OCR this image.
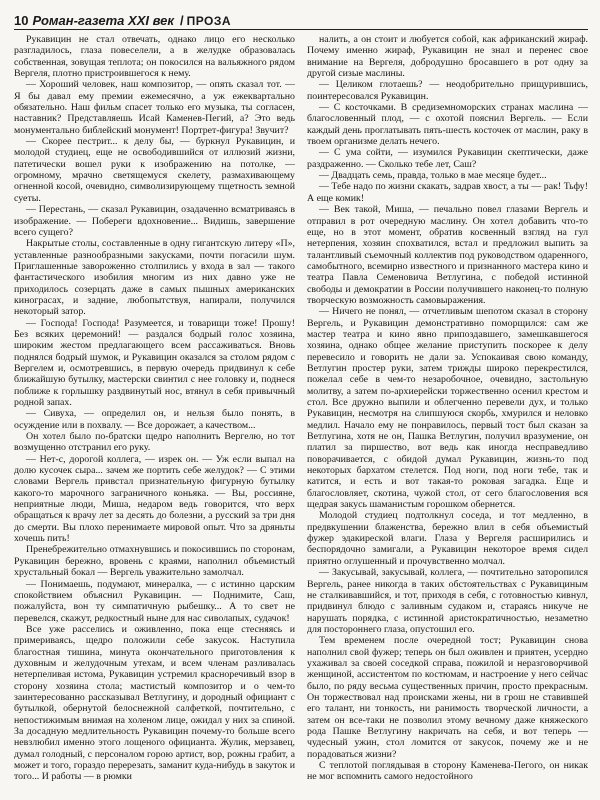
10 Роман-газета XXI век / ПРОЗА

Рукавицин не стал отвечать, однако лицо его несколько разгладилось, глаза повеселели, а в желудке образовалась собственная, зовущая теплота; он покосился на вальяжного рядом Вергеля, плотно пристроившегося к нему.

— Хороший человек, наш композитор, — опять сказал тот. — Я бы давал ему премии ежемесячно, а уж ежеквартально обязательно. Наш фильм спасет только его музыка, ты согласен, наставник? Представляешь Исай Каменев-Пегий, а? Это ведь монументально библейский монумент! Портрет-фигура! Звучит?

— Скорее пестрит... к делу бы, — буркнул Рукавицин, и молодой студиец, еще не освободившийся от иллюзий жизни, патетически вошел руки к изображению на потолке, — огромному, мрачно светящемуся скелету, размахивающему огненной косой, очевидно, символизирующему тщетность земной суеты.

— Перестань, — сказал Рукавицин, озадаченно всматриваясь в изображение. — Побереги вдохновение... Видишь, завершение всего сущего?

Накрытые столы, составленные в одну гигантскую литеру «П», уставленные разнообразными закусками, почти погасили шум. Приглашенные завороженно столпились у входа в зал — такого фантастического изобилия многим из них давно уже не приходилось созерцать даже в самых пышных американских кинограсах, и задние, любопытствуя, напирали, получился некоторый затор.

— Господа! Господа! Разумеется, и товарищи тоже! Прошу! Без всяких церемоний! — раздался бодрый голос хозяина, широким жестом предлагающего всем рассаживаться. Вновь поднялся бодрый шумок, и Рукавицин оказался за столом рядом с Вергелем и, осмотревшись, в первую очередь придвинул к себе ближайшую бутылку, мастерски свинтил с нее головку и, поднеся поближе к горлышку раздвинутый нос, втянул в себя привычный родной запах.

— Сивуха, — определил он, и нельзя было понять, в осуждение или в похвалу. — Все дорожает, а качеством...

Он хотел было по-братски щедро наполнить Вергелю, но тот возмущенно отстранил его руку.

— Нет-с, дорогой коллега, — изрек он. — Уж если выпал на долю кусочек сыра... зачем же портить себе желудок? — С этими словами Вергель привстал признательную фигурную бутылку какого-то марочного заграничного коньяка. — Вы, россияне, неприятные люди, Миша, недаром ведь говорится, что верх обращаться к врачу лет за десять до болезни, а русский за три дня до смерти. Вы плохо перенимаете мировой опыт. Что за дряньты хочешь пить!

Пренебрежительно отмахнувшись и покосившись по сторонам, Рукавицин бережно, вровень с краями, наполнил объемистый хрустальный бокал — Вергель уважительно замолчал.

— Понимаешь, подумают, минералка, — с истинно царским спокойствием объяснил Рукавицин. — Поднимите, Саш, пожалуйста, вон ту симпатичную рыбешку... А то свет не перевелся, скажут, редкостный ныне для нас сиволапых, судачок!

Все уже расселись и оживленно, пока еще стесняясь и примериваясь, щедро положили себе закусок. Наступила благостная тишина, минута окончательного приготовления к духовным и желудочным утехам, и всем членам разливалась нетерпеливая истома, Рукавицин устремил красноречивый взор в сторону хозяина стола; мастистый композитор и о чем-то заинтересованно рассказывал Ветлугину, и дородный официант с бутылкой, обернутой белоснежной салфеткой, почтительно, с непостижимым внимая на холеном лице, ожидал у них за спиной. За досадную медлительность Рукавицин почему-то больше всего невзлюбил именно этого лощеного официанта. Жулик, мерзавец, думал голодный, с персоналом горою артист, вор, рожны грабит, а может и того, гораздо перерезать, заманит куда-нибудь в закуток и того... И работы — в рюмки

налить, а он стоит и любуется собой, как африканский жираф. Почему именно жираф, Рукавицин не знал и перенес свое внимание на Вергеля, добродушно бросавшего в рот одну за другой сизые маслины.

— Целиком глотаешь? — неодобрительно прищурившись, поинтересовался Рукавицин.

— С косточками. В средиземноморских странах маслина — благословенный плод, — с охотой пояснил Вергель. — Если каждый день проглатывать пять-шесть косточек от маслин, раку в твоем организме делать нечего.

— С ума сойти, — изумился Рукавицин скептически, даже раздраженно. — Сколько тебе лет, Саш?

— Двадцать семь, правда, только в мае месяце будет...

— Тебе надо по жизни скакать, задрав хвост, а ты — рак! Тьфу! А еще комик!

— Век такой, Миша, — печально повел глазами Вергель и отправил в рот очередную маслину. Он хотел добавить что-то еще, но в этот момент, обратив косвенный взгляд на гул нетерпения, хозяин спохватился, встал и предложил выпить за талантливый съемочный коллектив под руководством одаренного, самобытного, всемирно известного и признанного мастера кино и театра Павла Семеновича Ветлугина, с победой истинной свободы и демократии в России получившего наконец-то полную творческую возможность самовыражения.

— Ничего не понял, — отчетливым шепотом сказал в сторону Вергель, и Рукавицин демонстративно поморщился: сам же мастер театра и кино явно припоздавшего, замешкавшегося хозяина, однако общее желание приступить поскорее к делу перевесило и говорить не дали за. Успокаивая свою команду, Ветлугин простер руки, затем трижды широко перекрестился, пожелал себе в чем-то незаробочное, очевидно, застольную молитву, а затем по-архиерейски торжественно осенил крестом и стол. Все дружно выпили и облегченно перевели дух, и только Рукавицин, несмотря на слипшуюся скорбь, хмурился и неловко медлил. Начало ему не понравилось, первый тост был сказан за Ветлугина, хотя не он, Пашка Ветлугин, получил вразумение, он платил за пиршество, вот ведь как иногда несправедливо поворачивается, с обидой думал Рукавицин, жизнь-то под некоторых бархатом стелется. Под ноги, под ноги тебе, так и катится, и есть и вот такая-то роковая загадка. Еще и благословляет, скотина, чужой стол, от сего благословения вся щедрая закусь шаманистым горошком обернется.

Молодой студиец подтолкнул соседа, и тот медленно, в предвкушении блаженства, бережно влил в себя объемистый фужер эдакиреской влаги. Глаза у Вергеля расширились и беспорядочно замигали, а Рукавицин некоторое время сидел приятно оглушенный и прочувственно молчал.

— Закусывай, закусывай, коллега, — почтительно заторопился Вергель, ранее никогда в таких обстоятельствах с Рукавициным не сталкивавшийся, и тот, приходя в себя, с готовностью кивнул, придвинул блюдо с заливным судаком и, стараясь никуче не нарушать порядка, с истинной аристократичностью, незаметно для постороннего глаза, опустошил его.

Тем временем после очередной тост; Рукавицин снова наполнил свой фужер; теперь он был оживлен и приятен, усердно ухаживал за своей соседкой справа, пожилой и неразговорчивой женщиной, ассистентом по костюмам, и настроение у него сейчас было, по ряду весьма существенных причин, просто прекрасным. Он торжествовал над происками жены, ни в грош не ставившей его талант, ни тонкость, ни ранимость творческой личности, а затем он все-таки не позволил этому вечному даже княжеского рода Пашке Ветлугину накричать на себя, и вот теперь — чудесный ужин, стол ломится от закусок, почему же и не порадоваться жизни?

С теплотой поглядывая в сторону Каменева-Пегого, он никак не мог вспомнить самого недостойного
